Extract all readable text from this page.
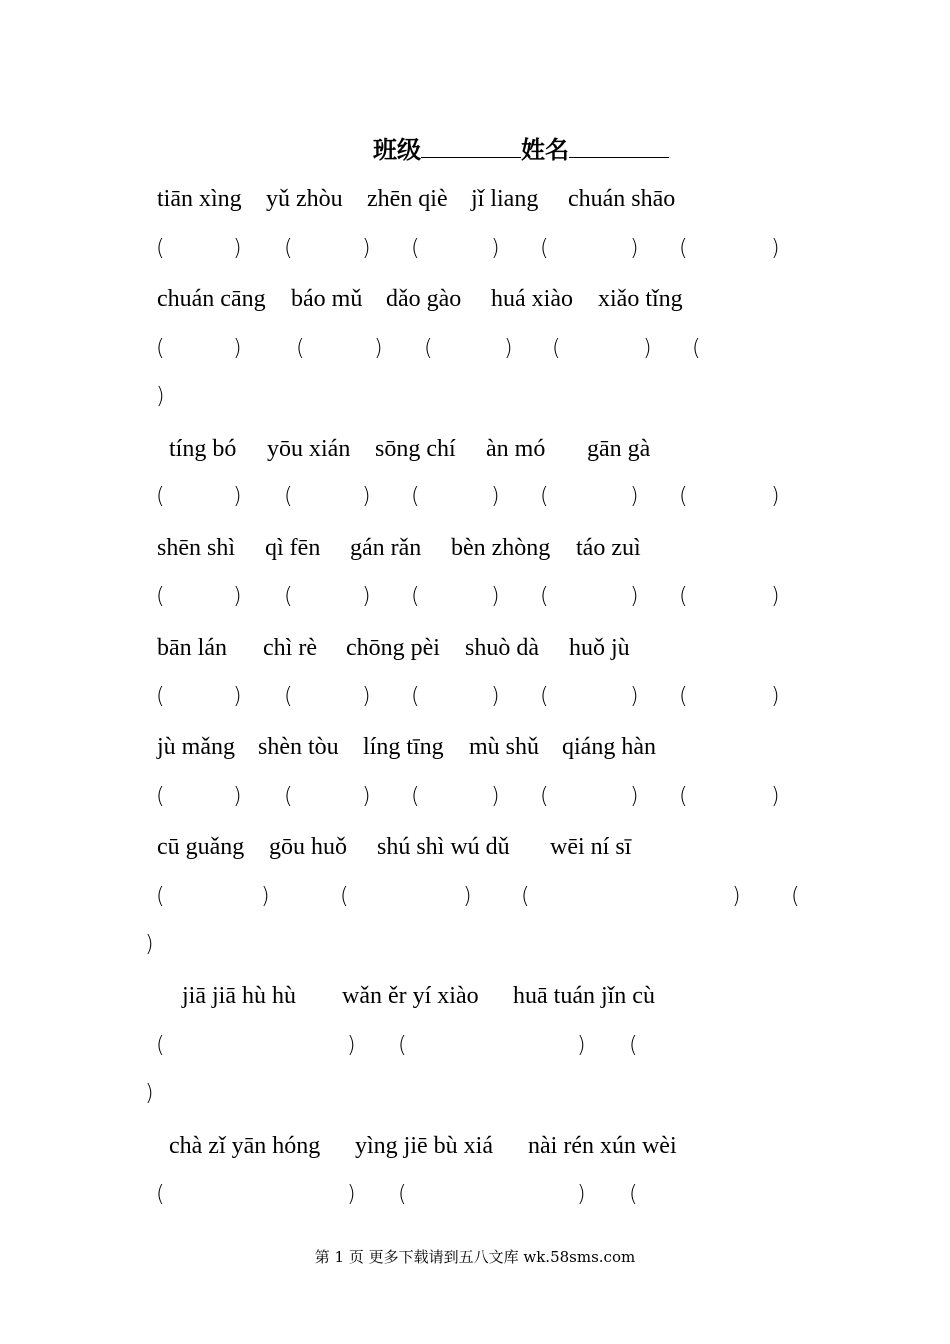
班级	姓名
tiān xìng yǔ zhòu zhēn qiè jǐ liang chuán shāo
(	) (	) (	) (	) (	)
chuán cāng báo mǔ dǎo gào huá xiào xiǎo tǐng
(	) (	) (	) (	) (
)
tíng bó yōu xián sōng chí àn mó gān gà
(	) (	) (	) (	) (	)
shēn shì qì fēn gán rǎn bèn zhòng táo zuì
(	) (	) (	) (	) (	)
bān lán chì rè chōng pèi shuò dà huǒ jù
(	) (	) (	) (	) (	)
jù mǎng shèn tòu líng tīng mù shǔ qiáng hàn
(	) (	) (	) (	) (	)
cū guǎng gōu huǒ shú shì wú dǔ wēi ní sī
(	)	(	) (	) (
)
jiā jiā hù hù wǎn ěr yí xiào huā tuán jǐn cù
(	) (	) (
)
chà zǐ yān hóng yìng jiē bù xiá nài rén xún wèi
(	) (	) (
第 1 页 更多下载请到五八文库 wk.58sms.com
